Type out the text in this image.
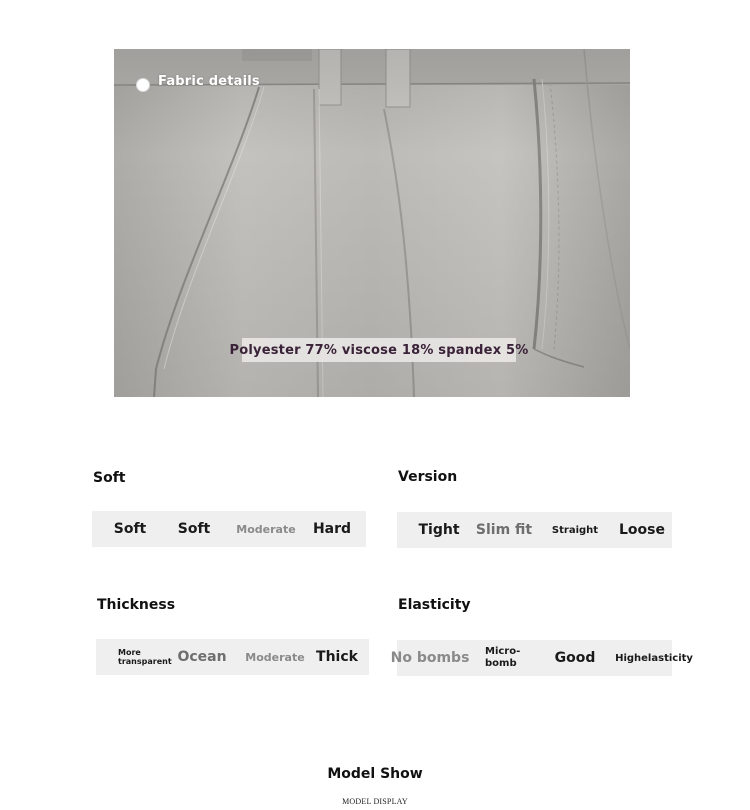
Fabric details
Polyester 77% viscose 18% spandex 5%
Soft
Soft	Soft	Moderate	Hard
Version
Tight	Slim fit	Straight	Loose
Thickness
More transparent Ocean	Moderate Thick
Elasticity
No bombs Micro-bomb	Good	Highelasticity
Model Show
MODEL DISPLAY
